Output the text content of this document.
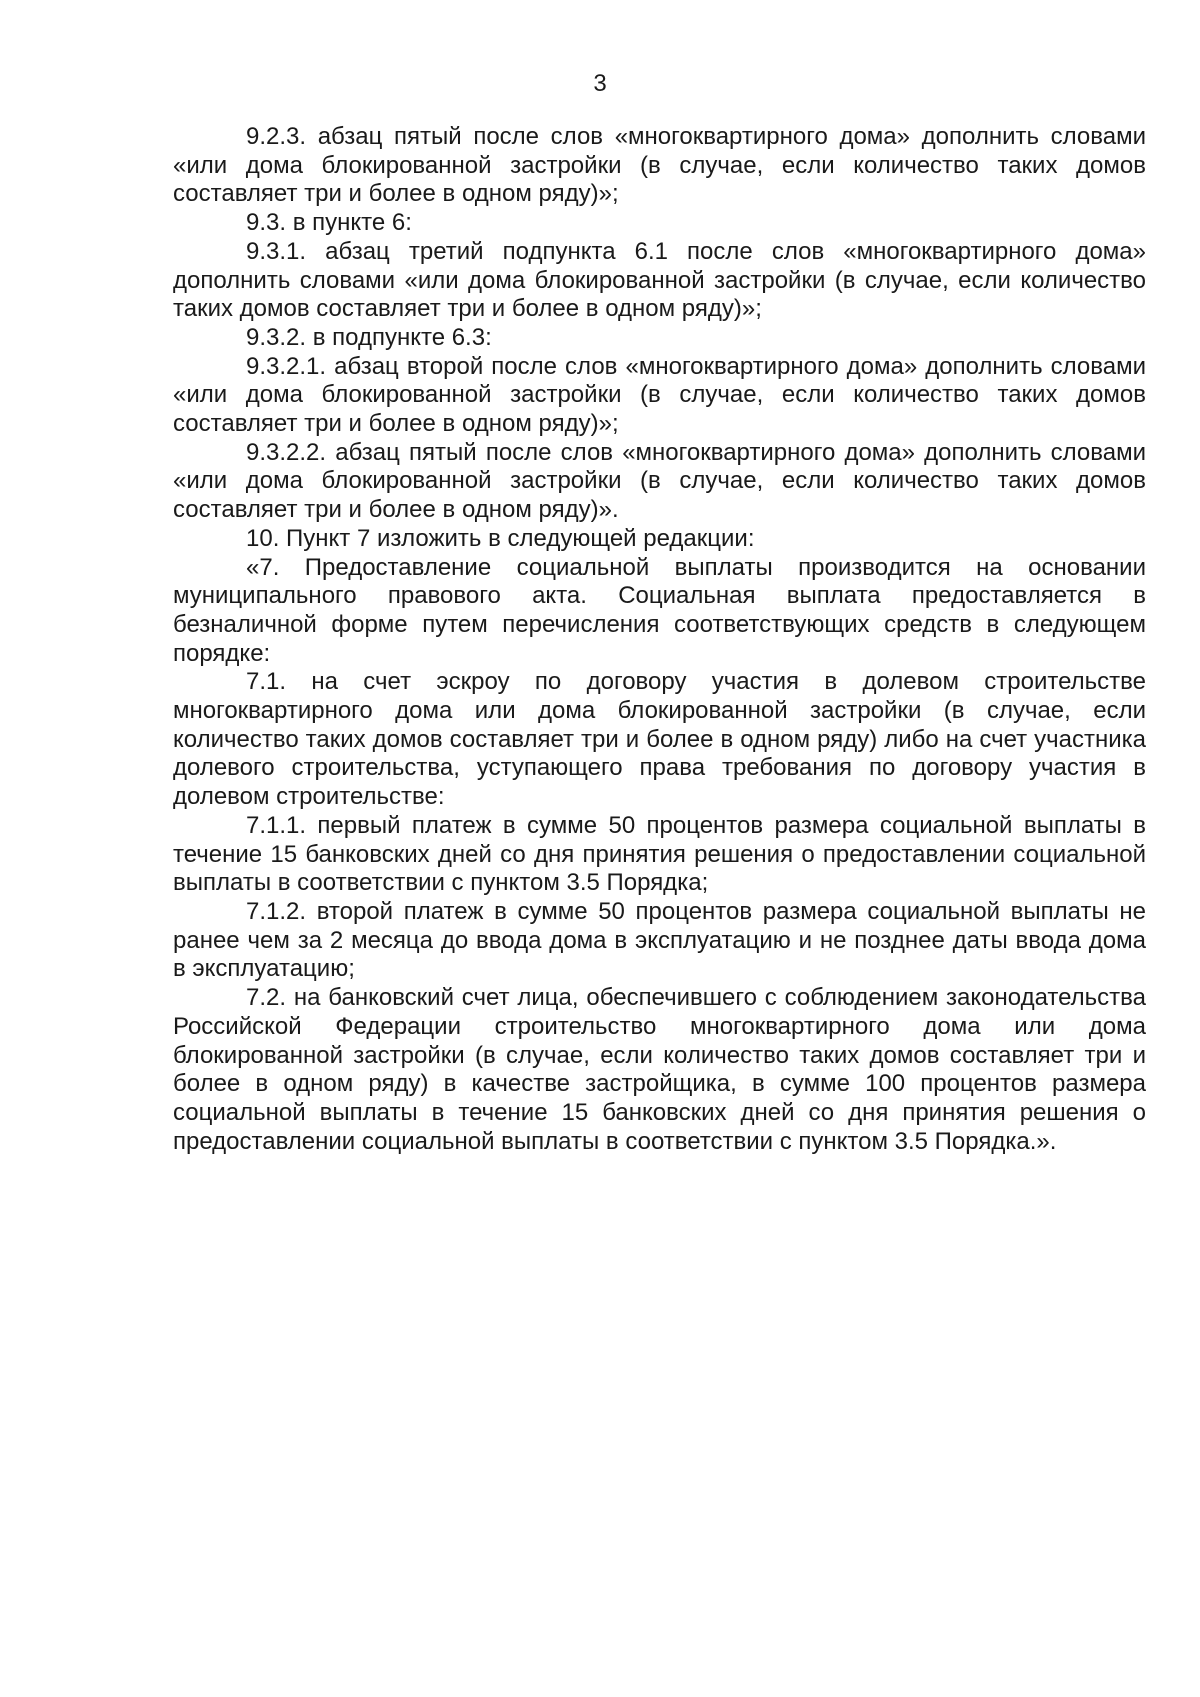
3

9.2.3. абзац пятый после слов «многоквартирного дома» дополнить словами «или дома блокированной застройки (в случае, если количество таких домов составляет три и более в одном ряду)»;

9.3. в пункте 6:

9.3.1. абзац третий подпункта 6.1 после слов «многоквартирного дома» дополнить словами «или дома блокированной застройки (в случае, если количество таких домов составляет три и более в одном ряду)»;

9.3.2. в подпункте 6.3:

9.3.2.1. абзац второй после слов «многоквартирного дома» дополнить словами «или дома блокированной застройки (в случае, если количество таких домов составляет три и более в одном ряду)»;

9.3.2.2. абзац пятый после слов «многоквартирного дома» дополнить словами «или дома блокированной застройки (в случае, если количество таких домов составляет три и более в одном ряду)».

10. Пункт 7 изложить в следующей редакции:

«7. Предоставление социальной выплаты производится на основании муниципального правового акта. Социальная выплата предоставляется в безналичной форме путем перечисления соответствующих средств в следующем порядке:

7.1. на счет эскроу по договору участия в долевом строительстве многоквартирного дома или дома блокированной застройки (в случае, если количество таких домов составляет три и более в одном ряду) либо на счет участника долевого строительства, уступающего права требования по договору участия в долевом строительстве:

7.1.1. первый платеж в сумме 50 процентов размера социальной выплаты в течение 15 банковских дней со дня принятия решения о предоставлении социальной выплаты в соответствии с пунктом 3.5 Порядка;

7.1.2. второй платеж в сумме 50 процентов размера социальной выплаты не ранее чем за 2 месяца до ввода дома в эксплуатацию и не позднее даты ввода дома в эксплуатацию;

7.2. на банковский счет лица, обеспечившего с соблюдением законодательства Российской Федерации строительство многоквартирного дома или дома блокированной застройки (в случае, если количество таких домов составляет три и более в одном ряду) в качестве застройщика, в сумме 100 процентов размера социальной выплаты в течение 15 банковских дней со дня принятия решения о предоставлении социальной выплаты в соответствии с пунктом 3.5 Порядка.».
